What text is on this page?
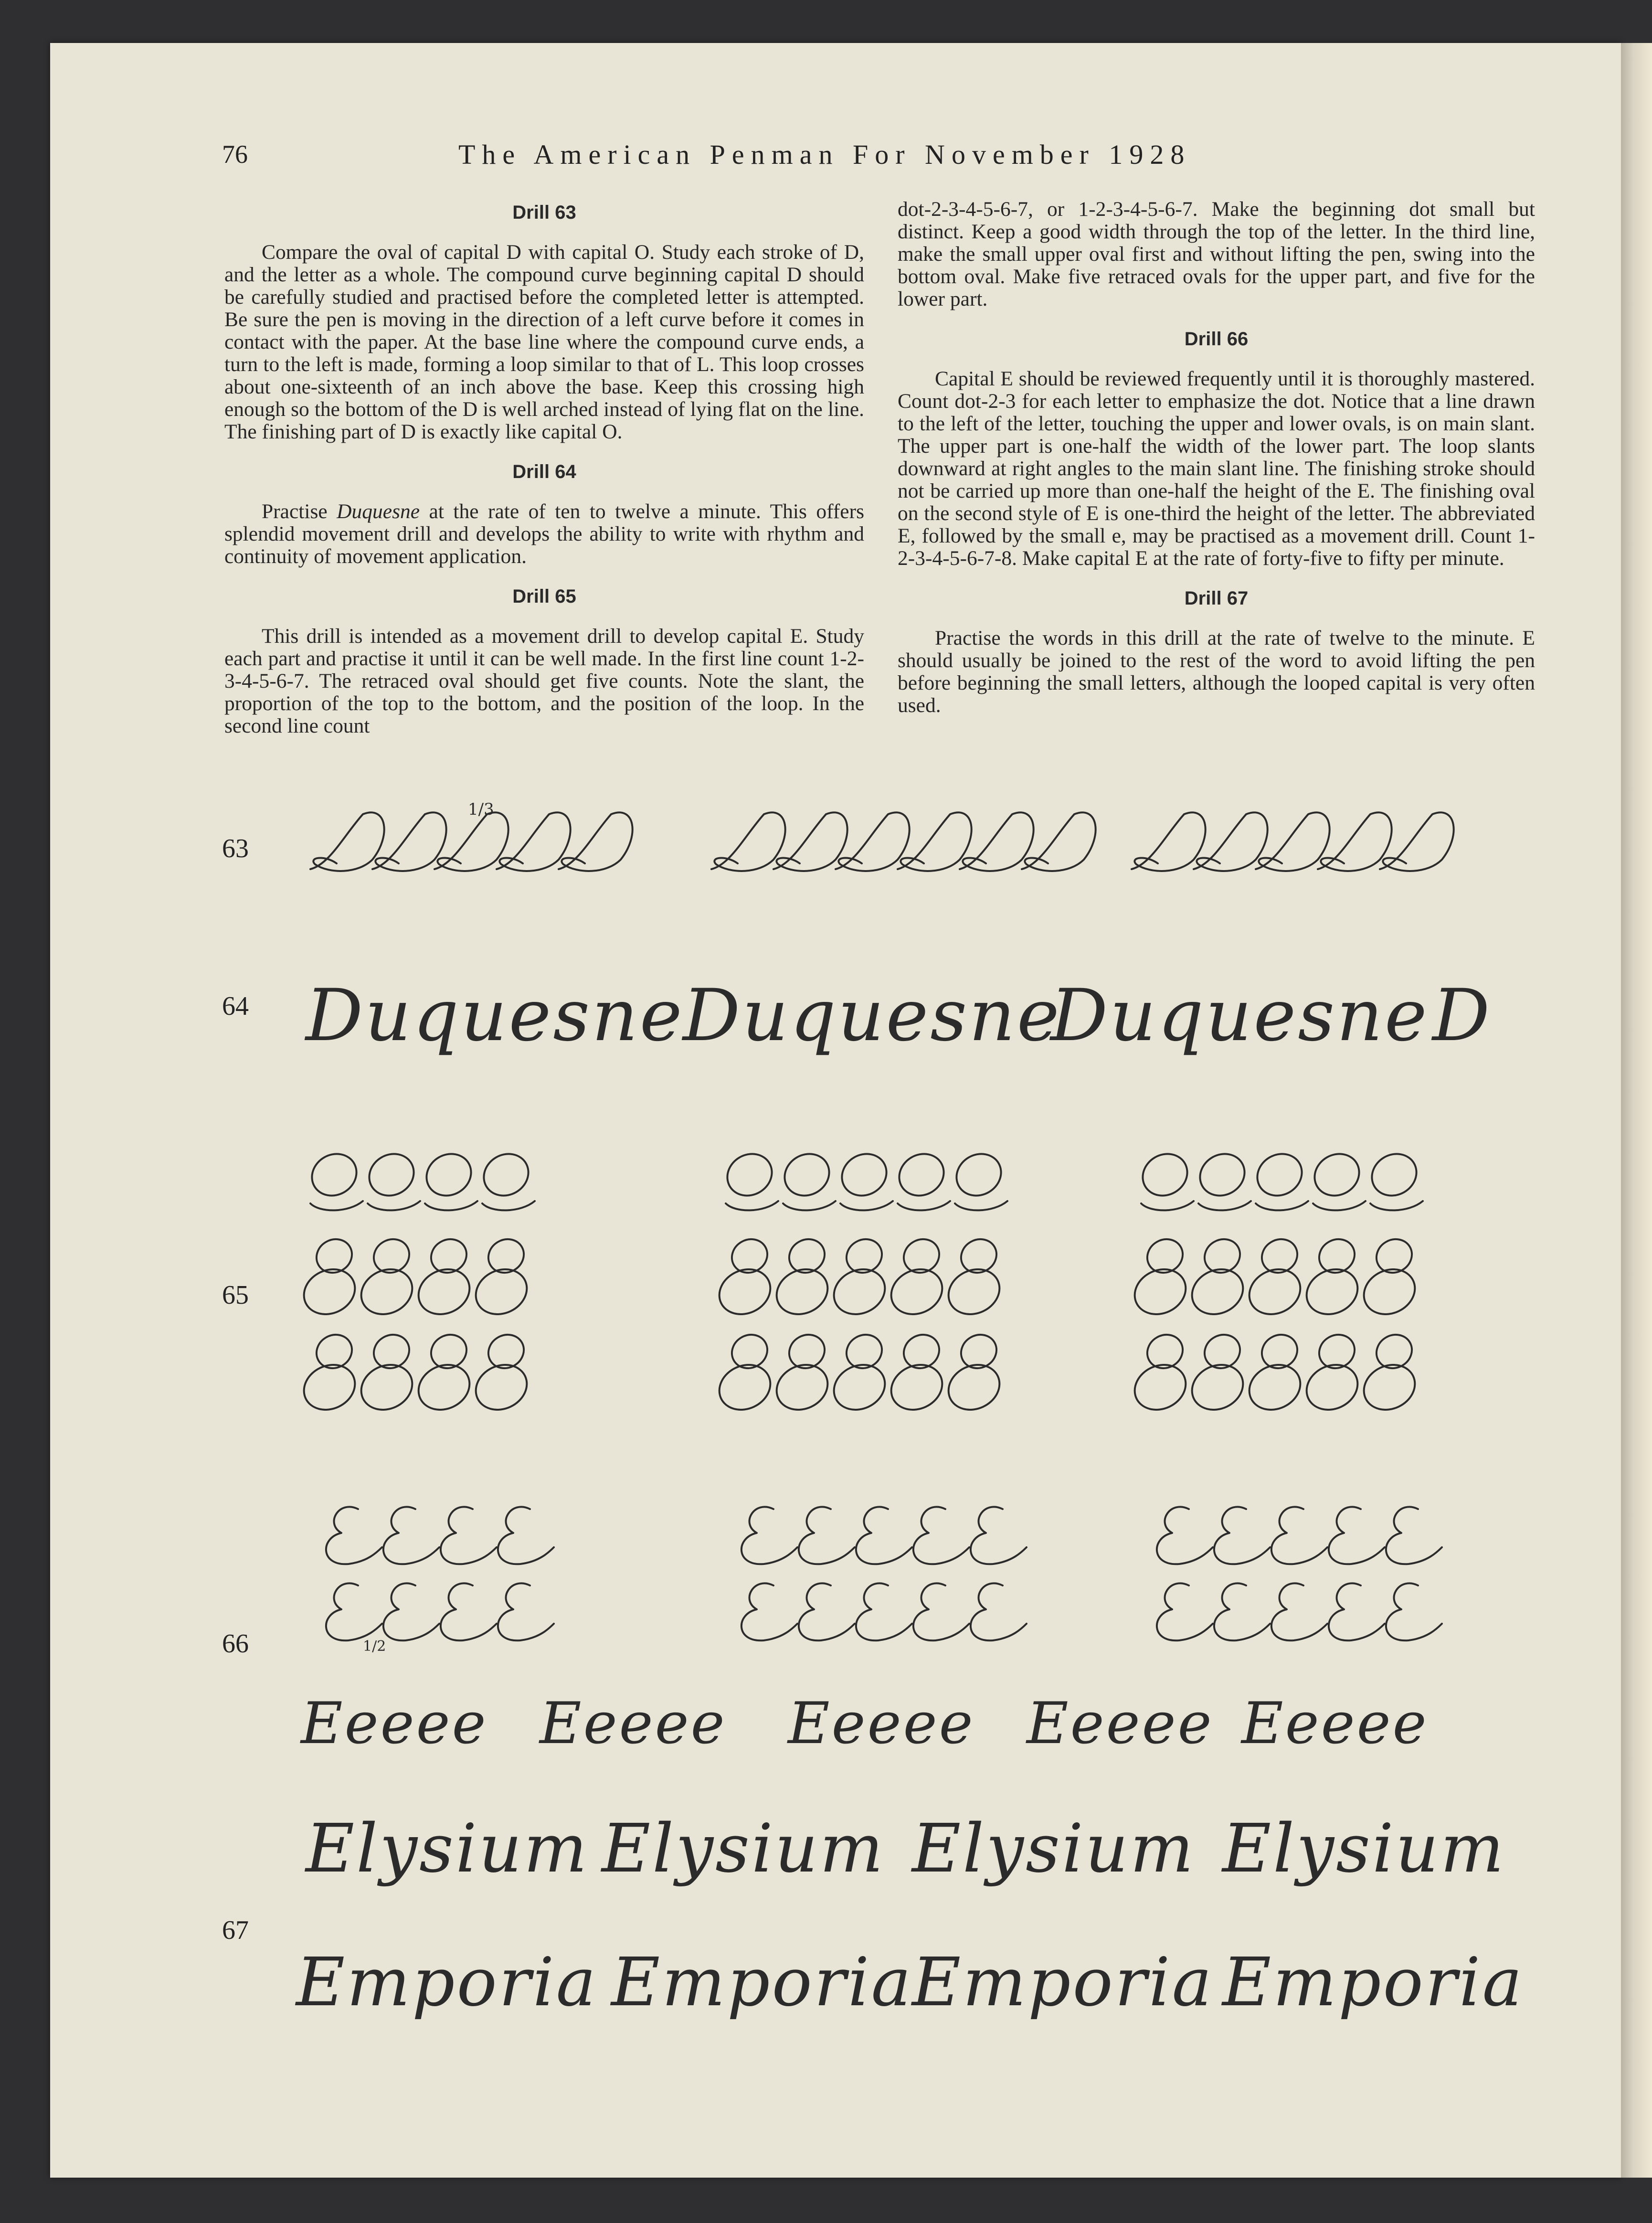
76	The American Penman For November 1928
Drill 63

Compare the oval of capital D with capital O. Study each stroke of D, and the letter as a whole. The compound curve beginning capital D should be carefully studied and practised before the completed letter is attempted. Be sure the pen is moving in the direction of a left curve before it comes in contact with the paper. At the base line where the compound curve ends, a turn to the left is made, forming a loop similar to that of L. This loop crosses about one-sixteenth of an inch above the base. Keep this crossing high enough so the bottom of the D is well arched instead of lying flat on the line. The finishing part of D is exactly like capital O.

Drill 64

Practise Duquesne at the rate of ten to twelve a minute. This offers splendid movement drill and develops the ability to write with rhythm and continuity of movement application.

Drill 65

This drill is intended as a movement drill to develop capital E. Study each part and practise it until it can be well made. In the first line count 1-2-3-4-5-6-7. The retraced oval should get five counts. Note the slant, the proportion of the top to the bottom, and the position of the loop. In the second line count

dot-2-3-4-5-6-7, or 1-2-3-4-5-6-7. Make the beginning dot small but distinct. Keep a good width through the top of the letter. In the third line, make the small upper oval first and without lifting the pen, swing into the bottom oval. Make five retraced ovals for the upper part, and five for the lower part.

Drill 66

Capital E should be reviewed frequently until it is thoroughly mastered. Count dot-2-3 for each letter to emphasize the dot. Notice that a line drawn to the left of the letter, touching the upper and lower ovals, is on main slant. The upper part is one-half the width of the lower part. The loop slants downward at right angles to the main slant line. The finishing stroke should not be carried up more than one-half the height of the E. The finishing oval on the second style of E is one-third the height of the letter. The abbreviated E, followed by the small e, may be practised as a movement drill. Count 1-2-3-4-5-6-7-8. Make capital E at the rate of forty-five to fifty per minute.

Drill 67

Practise the words in this drill at the rate of twelve to the minute. E should usually be joined to the rest of the word to avoid lifting the pen before beginning the small letters, although the looped capital is very often used.

63
64
65
66
67
1/3
Duquesne
Duquesne
Duquesne D
1/2
Eeeee Eeeee Eeeee Eeeee Eeeee
Elysium Elysium Elysium Elysium
Emporia Emporia
Emporia Emporia
